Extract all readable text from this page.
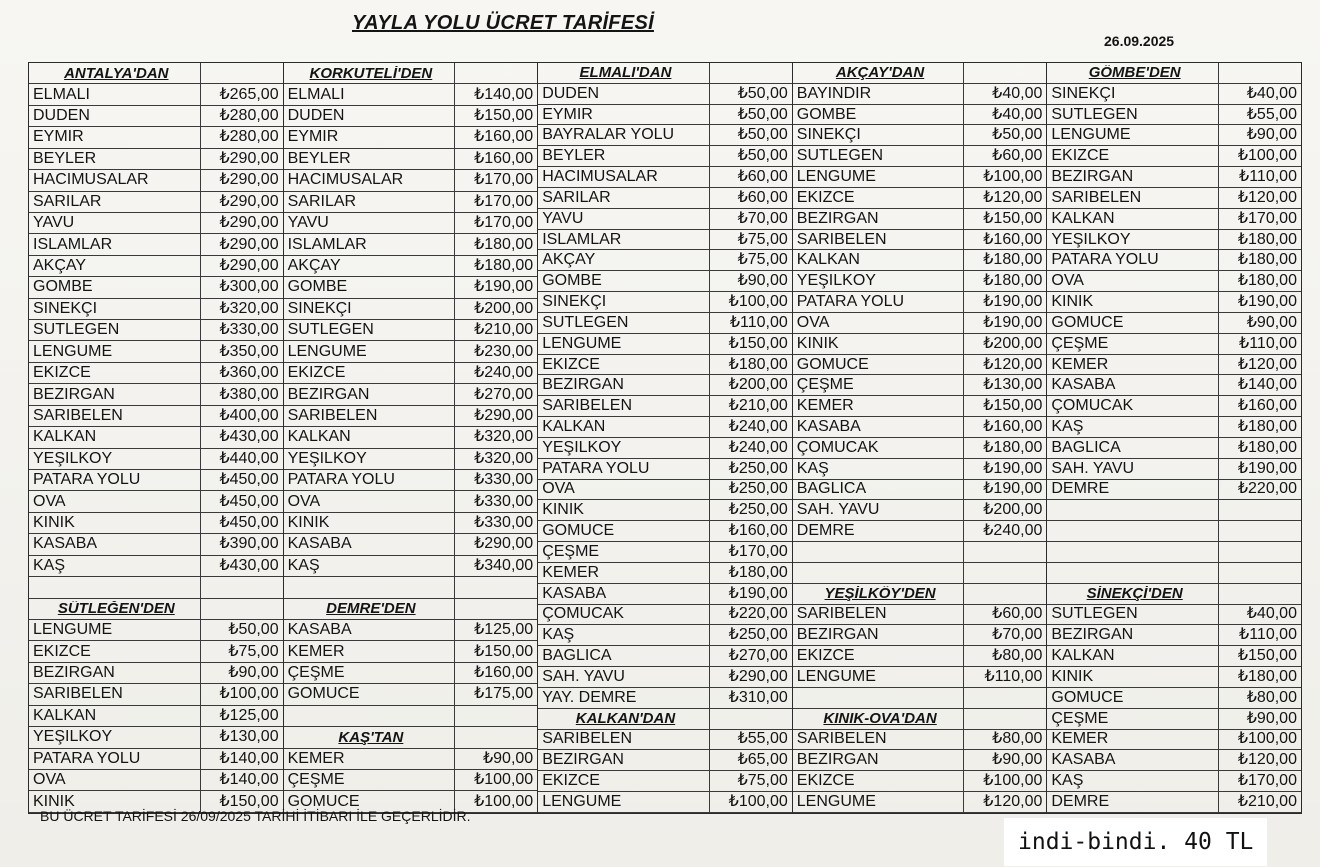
YAYLA YOLU ÜCRET TARİFESİ
26.09.2025
ANTALYA'DAN
ELMALI	₺265,00
DÜDEN	₺280,00
EYMİR	₺280,00
BEYLER	₺290,00
HACIMUSALAR	₺290,00
SARILAR	₺290,00
YAVU	₺290,00
İSLAMLAR	₺290,00
AKÇAY	₺290,00
GÖMBE	₺300,00
SİNEKÇİ	₺320,00
SÜTLEĞEN	₺330,00
LENGÜME	₺350,00
EKİZCE	₺360,00
BEZİRGAN	₺380,00
SARIBELEN	₺400,00
KALKAN	₺430,00
YEŞİLKÖY	₺440,00
PATARA YOLU	₺450,00
OVA	₺450,00
KINIK	₺450,00
KASABA	₺390,00
KAŞ	₺430,00
SÜTLEĞEN'DEN
LENGÜME	₺50,00
EKİZCE	₺75,00
BEZİRGAN	₺90,00
SARIBELEN	₺100,00
KALKAN	₺125,00
YEŞİLKÖY	₺130,00
PATARA YOLU	₺140,00
OVA	₺140,00
KINIK	₺150,00
KORKUTELİ'DEN
ELMALI	₺140,00
DÜDEN	₺150,00
EYMİR	₺160,00
BEYLER	₺160,00
HACIMUSALAR	₺170,00
SARILAR	₺170,00
YAVU	₺170,00
İSLAMLAR	₺180,00
AKÇAY	₺180,00
GÖMBE	₺190,00
SİNEKÇİ	₺200,00
SÜTLEĞEN	₺210,00
LENGÜME	₺230,00
EKİZCE	₺240,00
BEZİRGAN	₺270,00
SARIBELEN	₺290,00
KALKAN	₺320,00
YEŞİLKÖY	₺320,00
PATARA YOLU	₺330,00
OVA	₺330,00
KINIK	₺330,00
KASABA	₺290,00
KAŞ	₺340,00
DEMRE'DEN
KASABA	₺125,00
KEMER	₺150,00
ÇEŞME	₺160,00
GÖMÜCE	₺175,00
KAŞ'TAN
KEMER	₺90,00
ÇEŞME	₺100,00
GÖMÜCE	₺100,00
ELMALI'DAN
DÜDEN	₺50,00
EYMİR	₺50,00
BAYRALAR YOLU	₺50,00
BEYLER	₺50,00
HACIMUSALAR	₺60,00
SARILAR	₺60,00
YAVU	₺70,00
İSLAMLAR	₺75,00
AKÇAY	₺75,00
GÖMBE	₺90,00
SİNEKÇİ	₺100,00
SÜTLEĞEN	₺110,00
LENGÜME	₺150,00
EKİZCE	₺180,00
BEZİRGAN	₺200,00
SARIBELEN	₺210,00
KALKAN	₺240,00
YEŞİLKÖY	₺240,00
PATARA YOLU	₺250,00
OVA	₺250,00
KINIK	₺250,00
GÖMÜCE	₺160,00
ÇEŞME	₺170,00
KEMER	₺180,00
KASABA	₺190,00
ÇOMUCAK	₺220,00
KAŞ	₺250,00
BAĞLICA	₺270,00
SAH. YAVU	₺290,00
YAY. DEMRE	₺310,00
KALKAN'DAN
SARIBELEN	₺55,00
BEZİRGAN	₺65,00
EKİZCE	₺75,00
LENGÜME	₺100,00
AKÇAY'DAN
BAYINDIR	₺40,00
GÖMBE	₺40,00
SİNEKÇİ	₺50,00
SÜTLEĞEN	₺60,00
LENGÜME	₺100,00
EKİZCE	₺120,00
BEZİRGAN	₺150,00
SARIBELEN	₺160,00
KALKAN	₺180,00
YEŞİLKÖY	₺180,00
PATARA YOLU	₺190,00
OVA	₺190,00
KINIK	₺200,00
GÖMÜCE	₺120,00
ÇEŞME	₺130,00
KEMER	₺150,00
KASABA	₺160,00
ÇOMUCAK	₺180,00
KAŞ	₺190,00
BAĞLICA	₺190,00
SAH. YAVU	₺200,00
DEMRE	₺240,00
YEŞİLKÖY'DEN
SARIBELEN	₺60,00
BEZİRGAN	₺70,00
EKİZCE	₺80,00
LENGÜME	₺110,00
KINIK-OVA'DAN
SARIBELEN	₺80,00
BEZİRGAN	₺90,00
EKİZCE	₺100,00
LENGÜME	₺120,00
GÖMBE'DEN
SİNEKÇİ	₺40,00
SÜTLEĞEN	₺55,00
LENGÜME	₺90,00
EKİZCE	₺100,00
BEZİRGAN	₺110,00
SARIBELEN	₺120,00
KALKAN	₺170,00
YEŞİLKÖY	₺180,00
PATARA YOLU	₺180,00
OVA	₺180,00
KINIK	₺190,00
GÖMÜCE	₺90,00
ÇEŞME	₺110,00
KEMER	₺120,00
KASABA	₺140,00
ÇOMUCAK	₺160,00
KAŞ	₺180,00
BAĞLICA	₺180,00
SAH. YAVU	₺190,00
DEMRE	₺220,00
SİNEKÇİ'DEN
SÜTLEĞEN	₺40,00
BEZİRGAN	₺110,00
KALKAN	₺150,00
KINIK	₺180,00
GÖMÜCE	₺80,00
ÇEŞME	₺90,00
KEMER	₺100,00
KASABA	₺120,00
KAŞ	₺170,00
DEMRE	₺210,00
BU ÜCRET TARİFESİ 26/09/2025 TARİHİ İTİBARI İLE GEÇERLİDİR.
indi-bindi. 40 TL
